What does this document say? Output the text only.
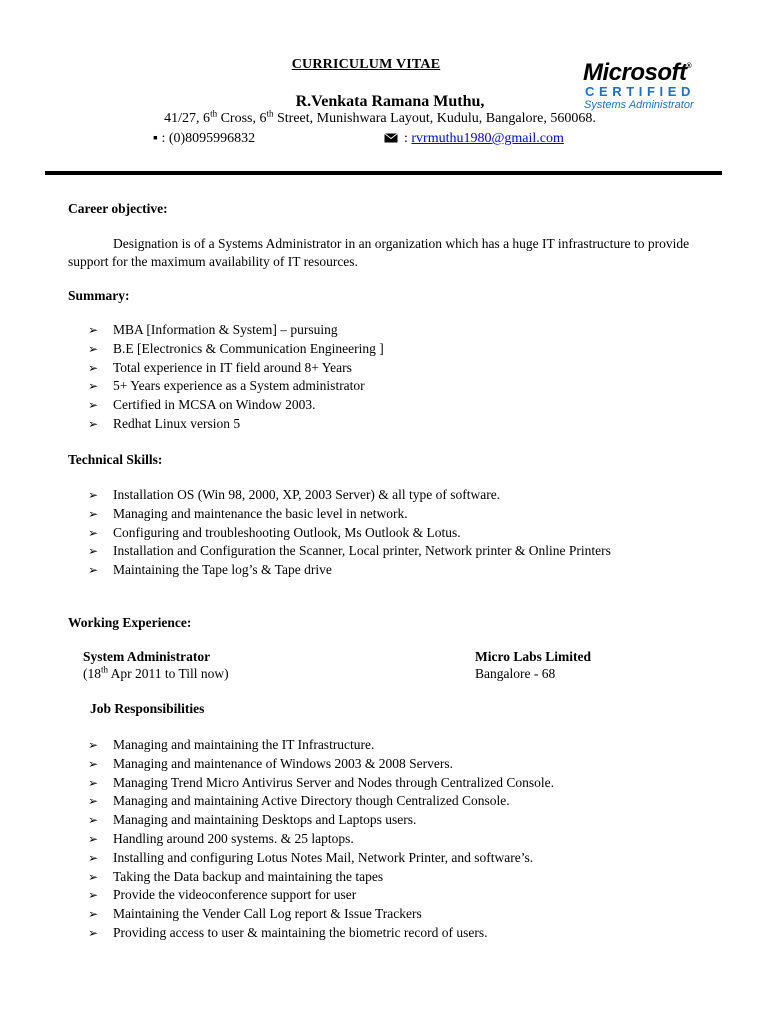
CURRICULUM VITAE
R.Venkata Ramana Muthu,
41/27, 6th Cross, 6th Street, Munishwara Layout, Kudulu, Bangalore, 560068.
▪ : (0)8095996832	: rvrmuthu1980@gmail.com
Microsoft®
CERTIFIED
Systems Administrator
Career objective:
Designation is of a Systems Administrator in an organization which has a huge IT infrastructure to provide support for the maximum availability of IT resources.
Summary:
➢ MBA [Information & System] – pursuing
➢ B.E [Electronics & Communication Engineering ]
➢ Total experience in IT field around 8+ Years
➢ 5+ Years experience as a System administrator
➢ Certified in MCSA on Window 2003.
➢ Redhat Linux version 5
Technical Skills:
➢ Installation OS (Win 98, 2000, XP, 2003 Server) & all type of software.
➢ Managing and maintenance the basic level in network.
➢ Configuring and troubleshooting Outlook, Ms Outlook & Lotus.
➢ Installation and Configuration the Scanner, Local printer, Network printer & Online Printers
➢ Maintaining the Tape log’s & Tape drive
Working Experience:
System Administrator	Micro Labs Limited
(18th Apr 2011 to Till now)	Bangalore - 68
Job Responsibilities
➢ Managing and maintaining the IT Infrastructure.
➢ Managing and maintenance of Windows 2003 & 2008 Servers.
➢ Managing Trend Micro Antivirus Server and Nodes through Centralized Console.
➢ Managing and maintaining Active Directory though Centralized Console.
➢ Managing and maintaining Desktops and Laptops users.
➢ Handling around 200 systems. & 25 laptops.
➢ Installing and configuring Lotus Notes Mail, Network Printer, and software’s.
➢ Taking the Data backup and maintaining the tapes
➢ Provide the videoconference support for user
➢ Maintaining the Vender Call Log report & Issue Trackers
➢ Providing access to user & maintaining the biometric record of users.
